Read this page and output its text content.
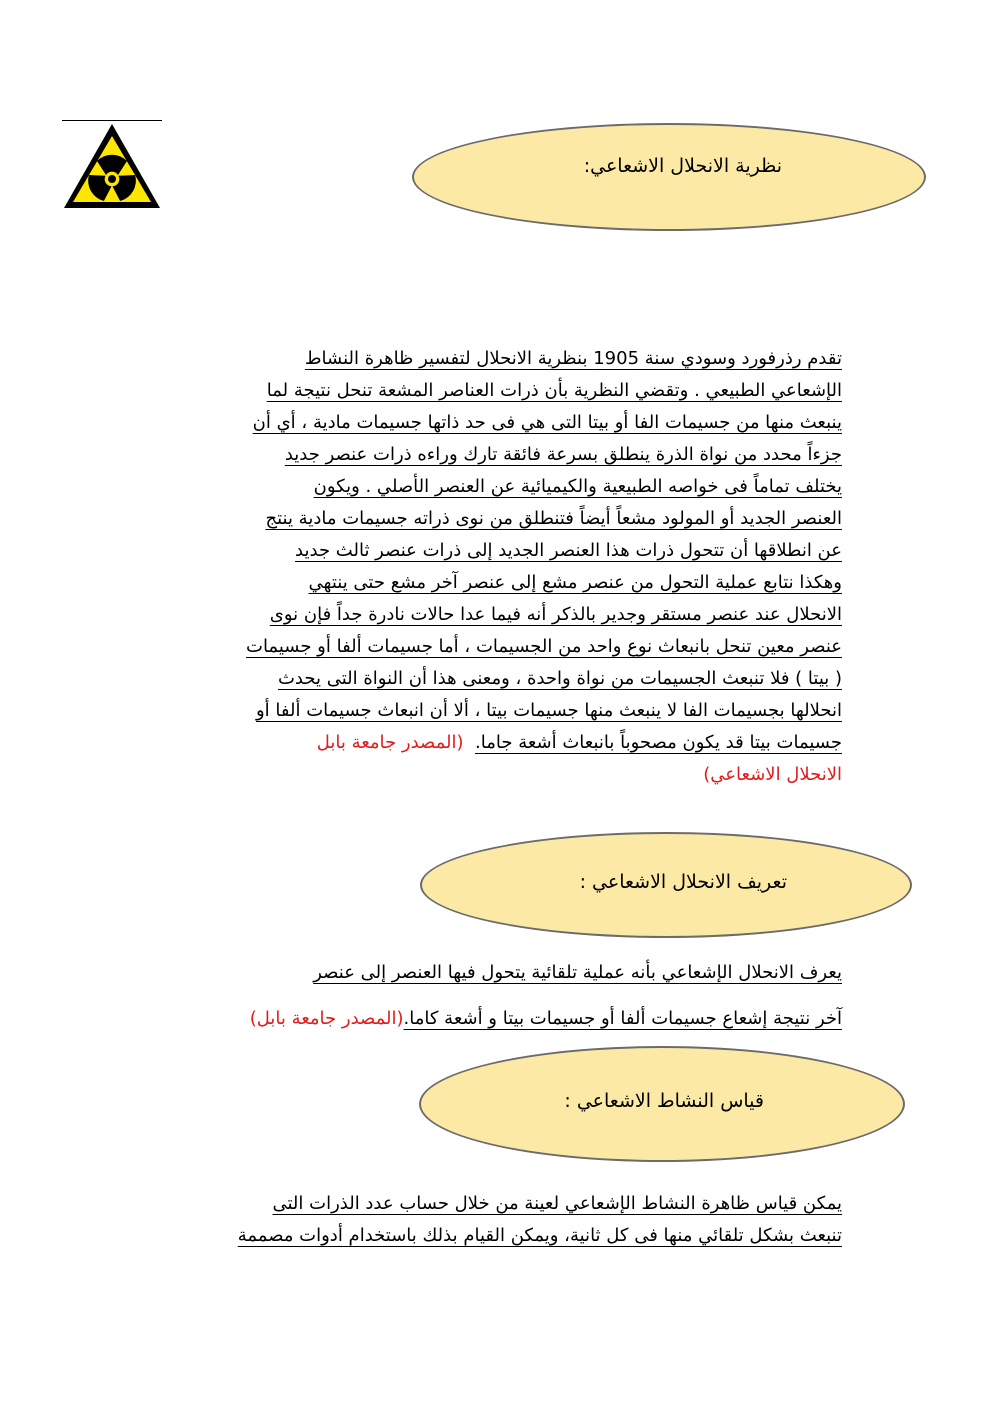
نظرية الانحلال الاشعاعي:
تقدم رذرفورد وسودي سنة 1905 بنظرية الانحلال لتفسير ظاهرة النشاط
الإشعاعي الطبيعي . وتقضي النظرية بأن ذرات العناصر المشعة تنحل نتيجة لما
ينبعث منها من جسيمات الفا أو بيتا التى هي فى حد ذاتها جسيمات مادية ، أي أن
جزءاً محدد من نواة الذرة ينطلق بسرعة فائقة تارك وراءه ذرات عنصر جديد
يختلف تماماً فى خواصه الطبيعية والكيميائية عن العنصر الأصلي . ويكون
العنصر الجديد أو المولود مشعاً أيضاً فتنطلق من نوى ذراته جسيمات مادية ينتج
عن انطلاقها أن تتحول ذرات هذا العنصر الجديد إلى ذرات عنصر ثالث جديد
وهكذا نتابع عملية التحول من عنصر مشع إلى عنصر آخر مشع حتى ينتهي
الانحلال عند عنصر مستقر وجدير بالذكر أنه فيما عدا حالات نادرة جداً فإن نوى
عنصر معين تنحل بانبعاث نوع واحد من الجسيمات ، أما جسيمات ألفا أو جسيمات
( بيتا ) فلا تنبعث الجسيمات من نواة واحدة ، ومعنى هذا أن النواة التى يحدث
انحلالها بجسيمات الفا لا ينبعث منها جسيمات بيتا ، ألا أن انبعاث جسيمات ألفا أو
جسيمات بيتا قد يكون مصحوباً بانبعاث أشعة جاما.  (المصدر جامعة بابل
الانحلال الاشعاعي)
تعريف الانحلال الاشعاعي :
يعرف الانحلال الإشعاعي بأنه عملية تلقائية يتحول فيها العنصر إلى عنصر
آخر نتيجة إشعاع جسيمات ألفا أو جسيمات بيتا و أشعة كاما.(المصدر جامعة بابل)
قياس النشاط الاشعاعي :
يمكن قياس ظاهرة النشاط الإشعاعي لعينة من خلال حساب عدد الذرات التى
تنبعث بشكل تلقائي منها فى كل ثانية، ويمكن القيام بذلك باستخدام أدوات مصممة
